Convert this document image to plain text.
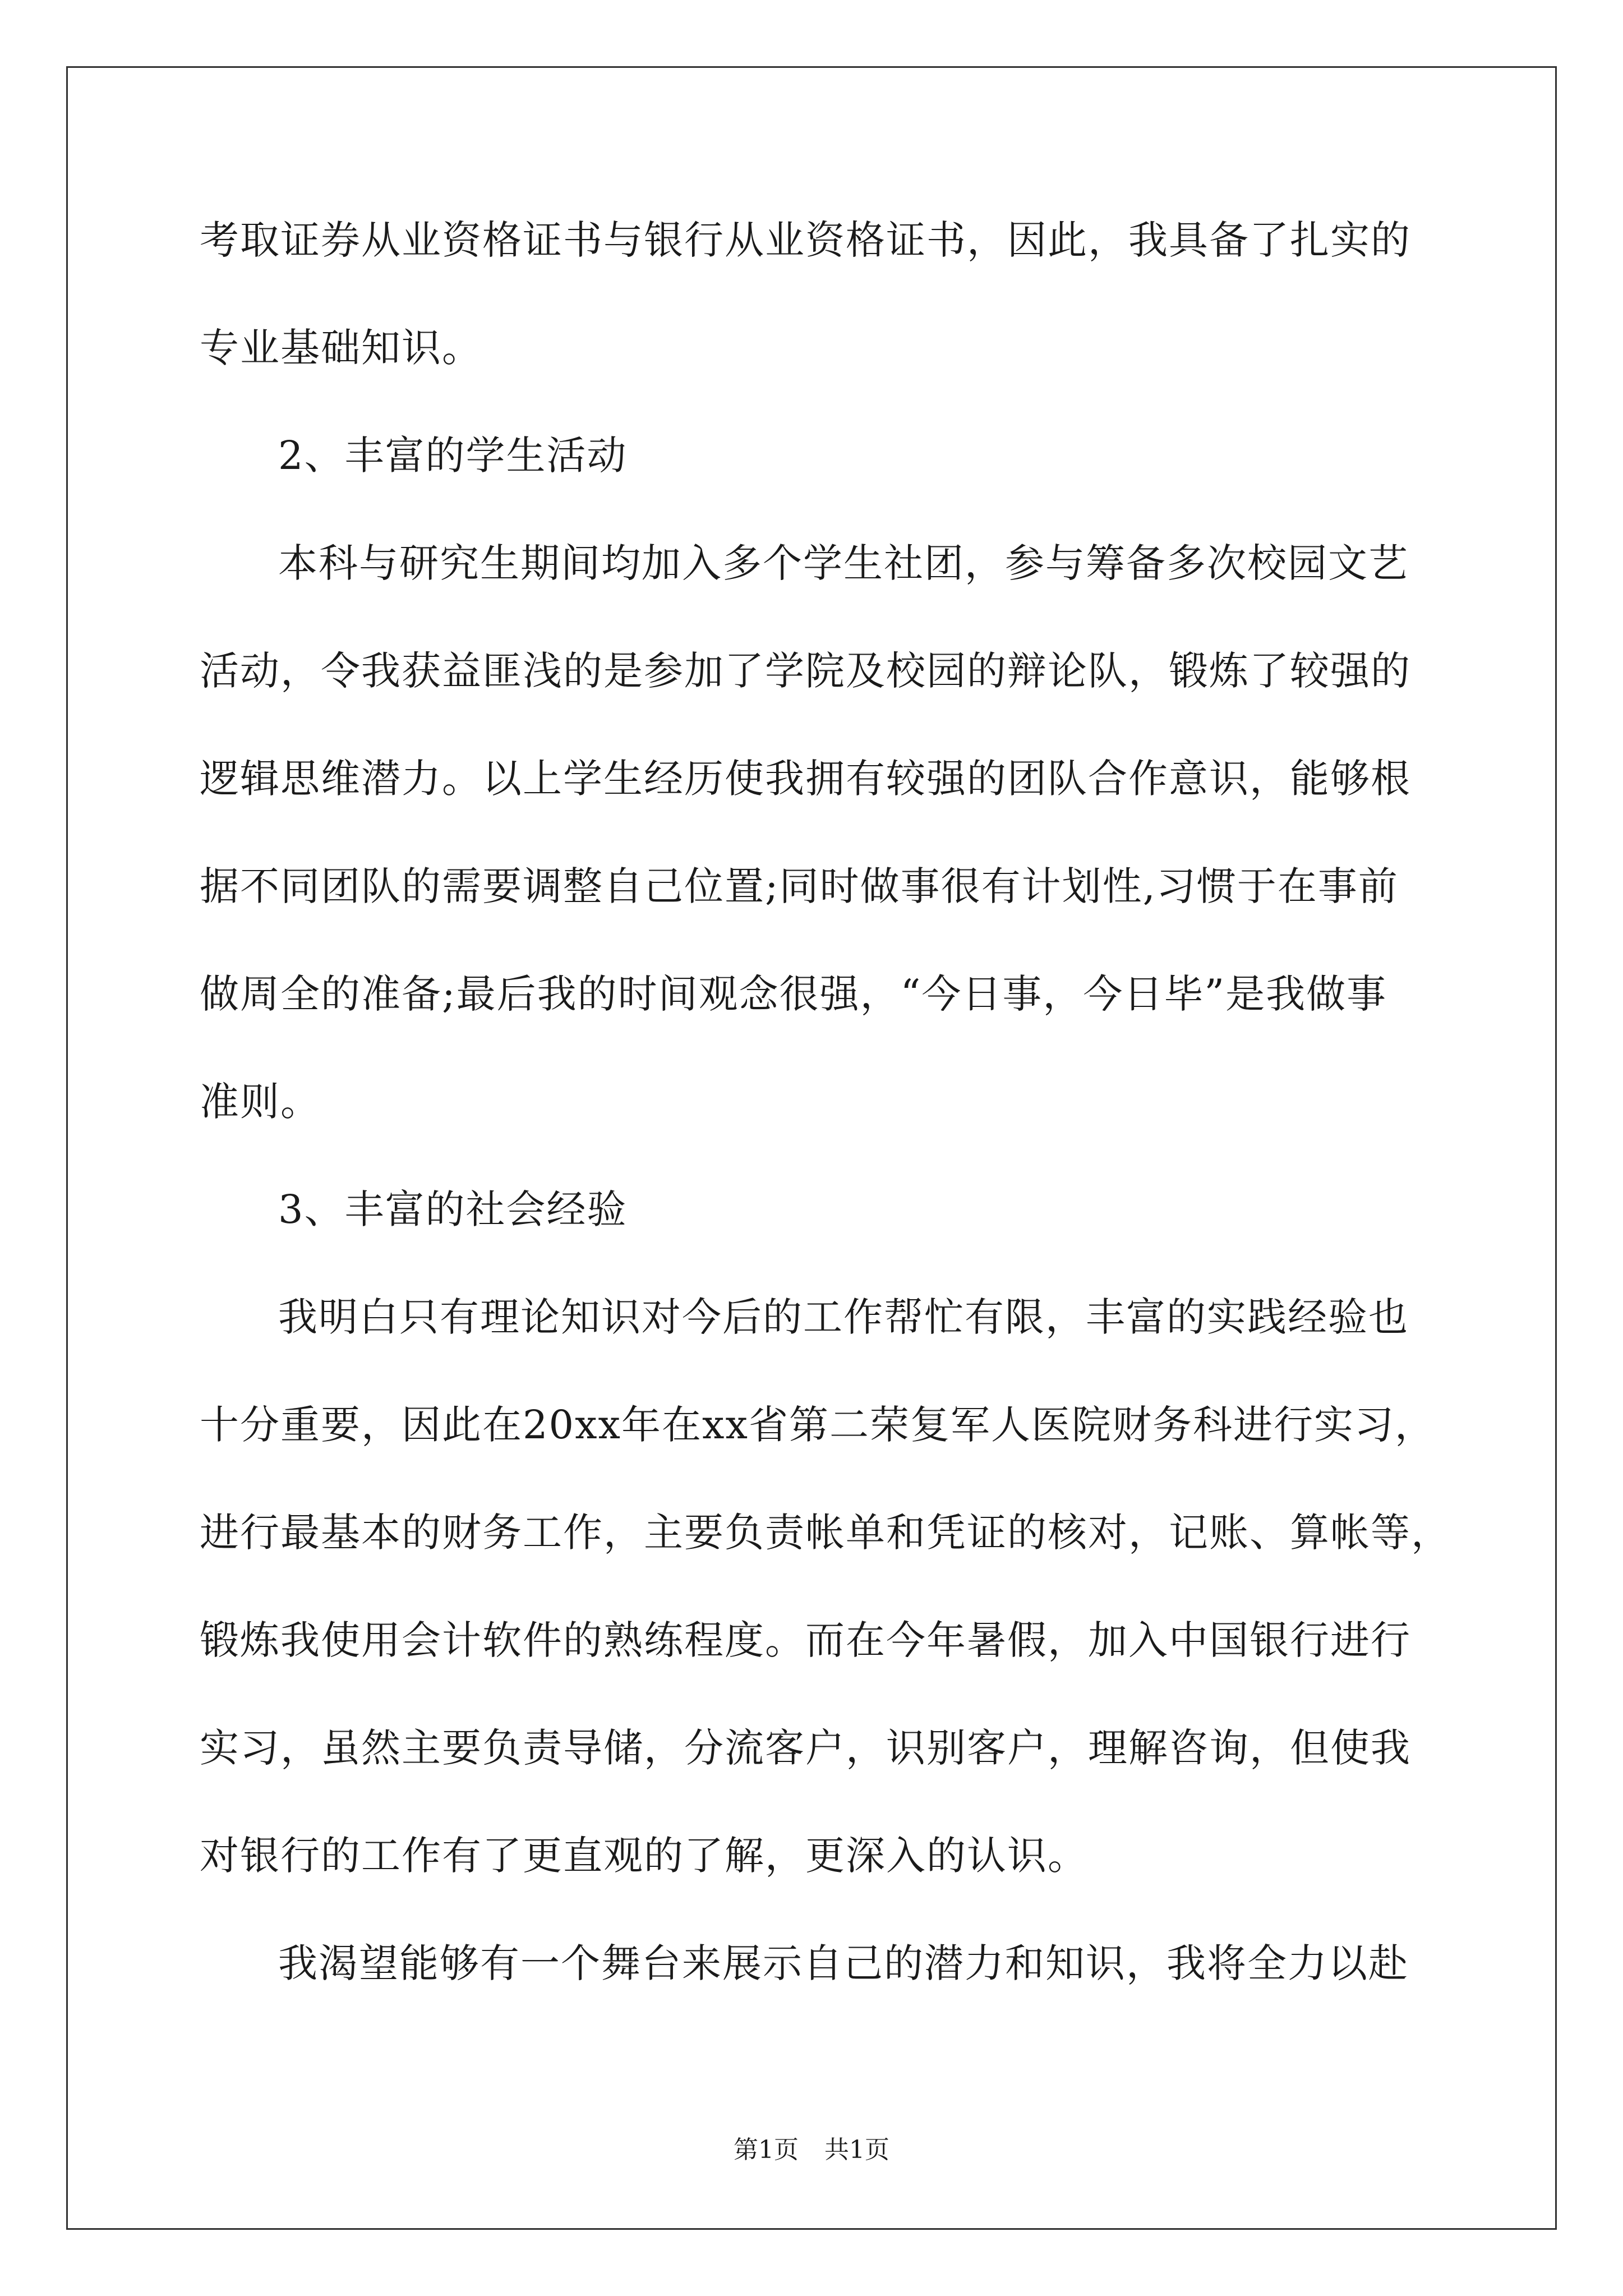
考取证券从业资格证书与银行从业资格证书，因此，我具备了扎实的

专业基础知识。

2、丰富的学生活动

本科与研究生期间均加入多个学生社团，参与筹备多次校园文艺

活动，令我获益匪浅的是参加了学院及校园的辩论队，锻炼了较强的

逻辑思维潜力。以上学生经历使我拥有较强的团队合作意识，能够根

据不同团队的需要调整自己位置;同时做事很有计划性,习惯于在事前

做周全的准备;最后我的时间观念很强，“今日事，今日毕”是我做事

准则。

3、丰富的社会经验

我明白只有理论知识对今后的工作帮忙有限，丰富的实践经验也

十分重要，因此在20xx年在xx省第二荣复军人医院财务科进行实习，

进行最基本的财务工作，主要负责帐单和凭证的核对，记账、算帐等，

锻炼我使用会计软件的熟练程度。而在今年暑假，加入中国银行进行

实习，虽然主要负责导储，分流客户，识别客户，理解咨询，但使我

对银行的工作有了更直观的了解，更深入的认识。

我渴望能够有一个舞台来展示自己的潜力和知识，我将全力以赴

第1页 共1页
